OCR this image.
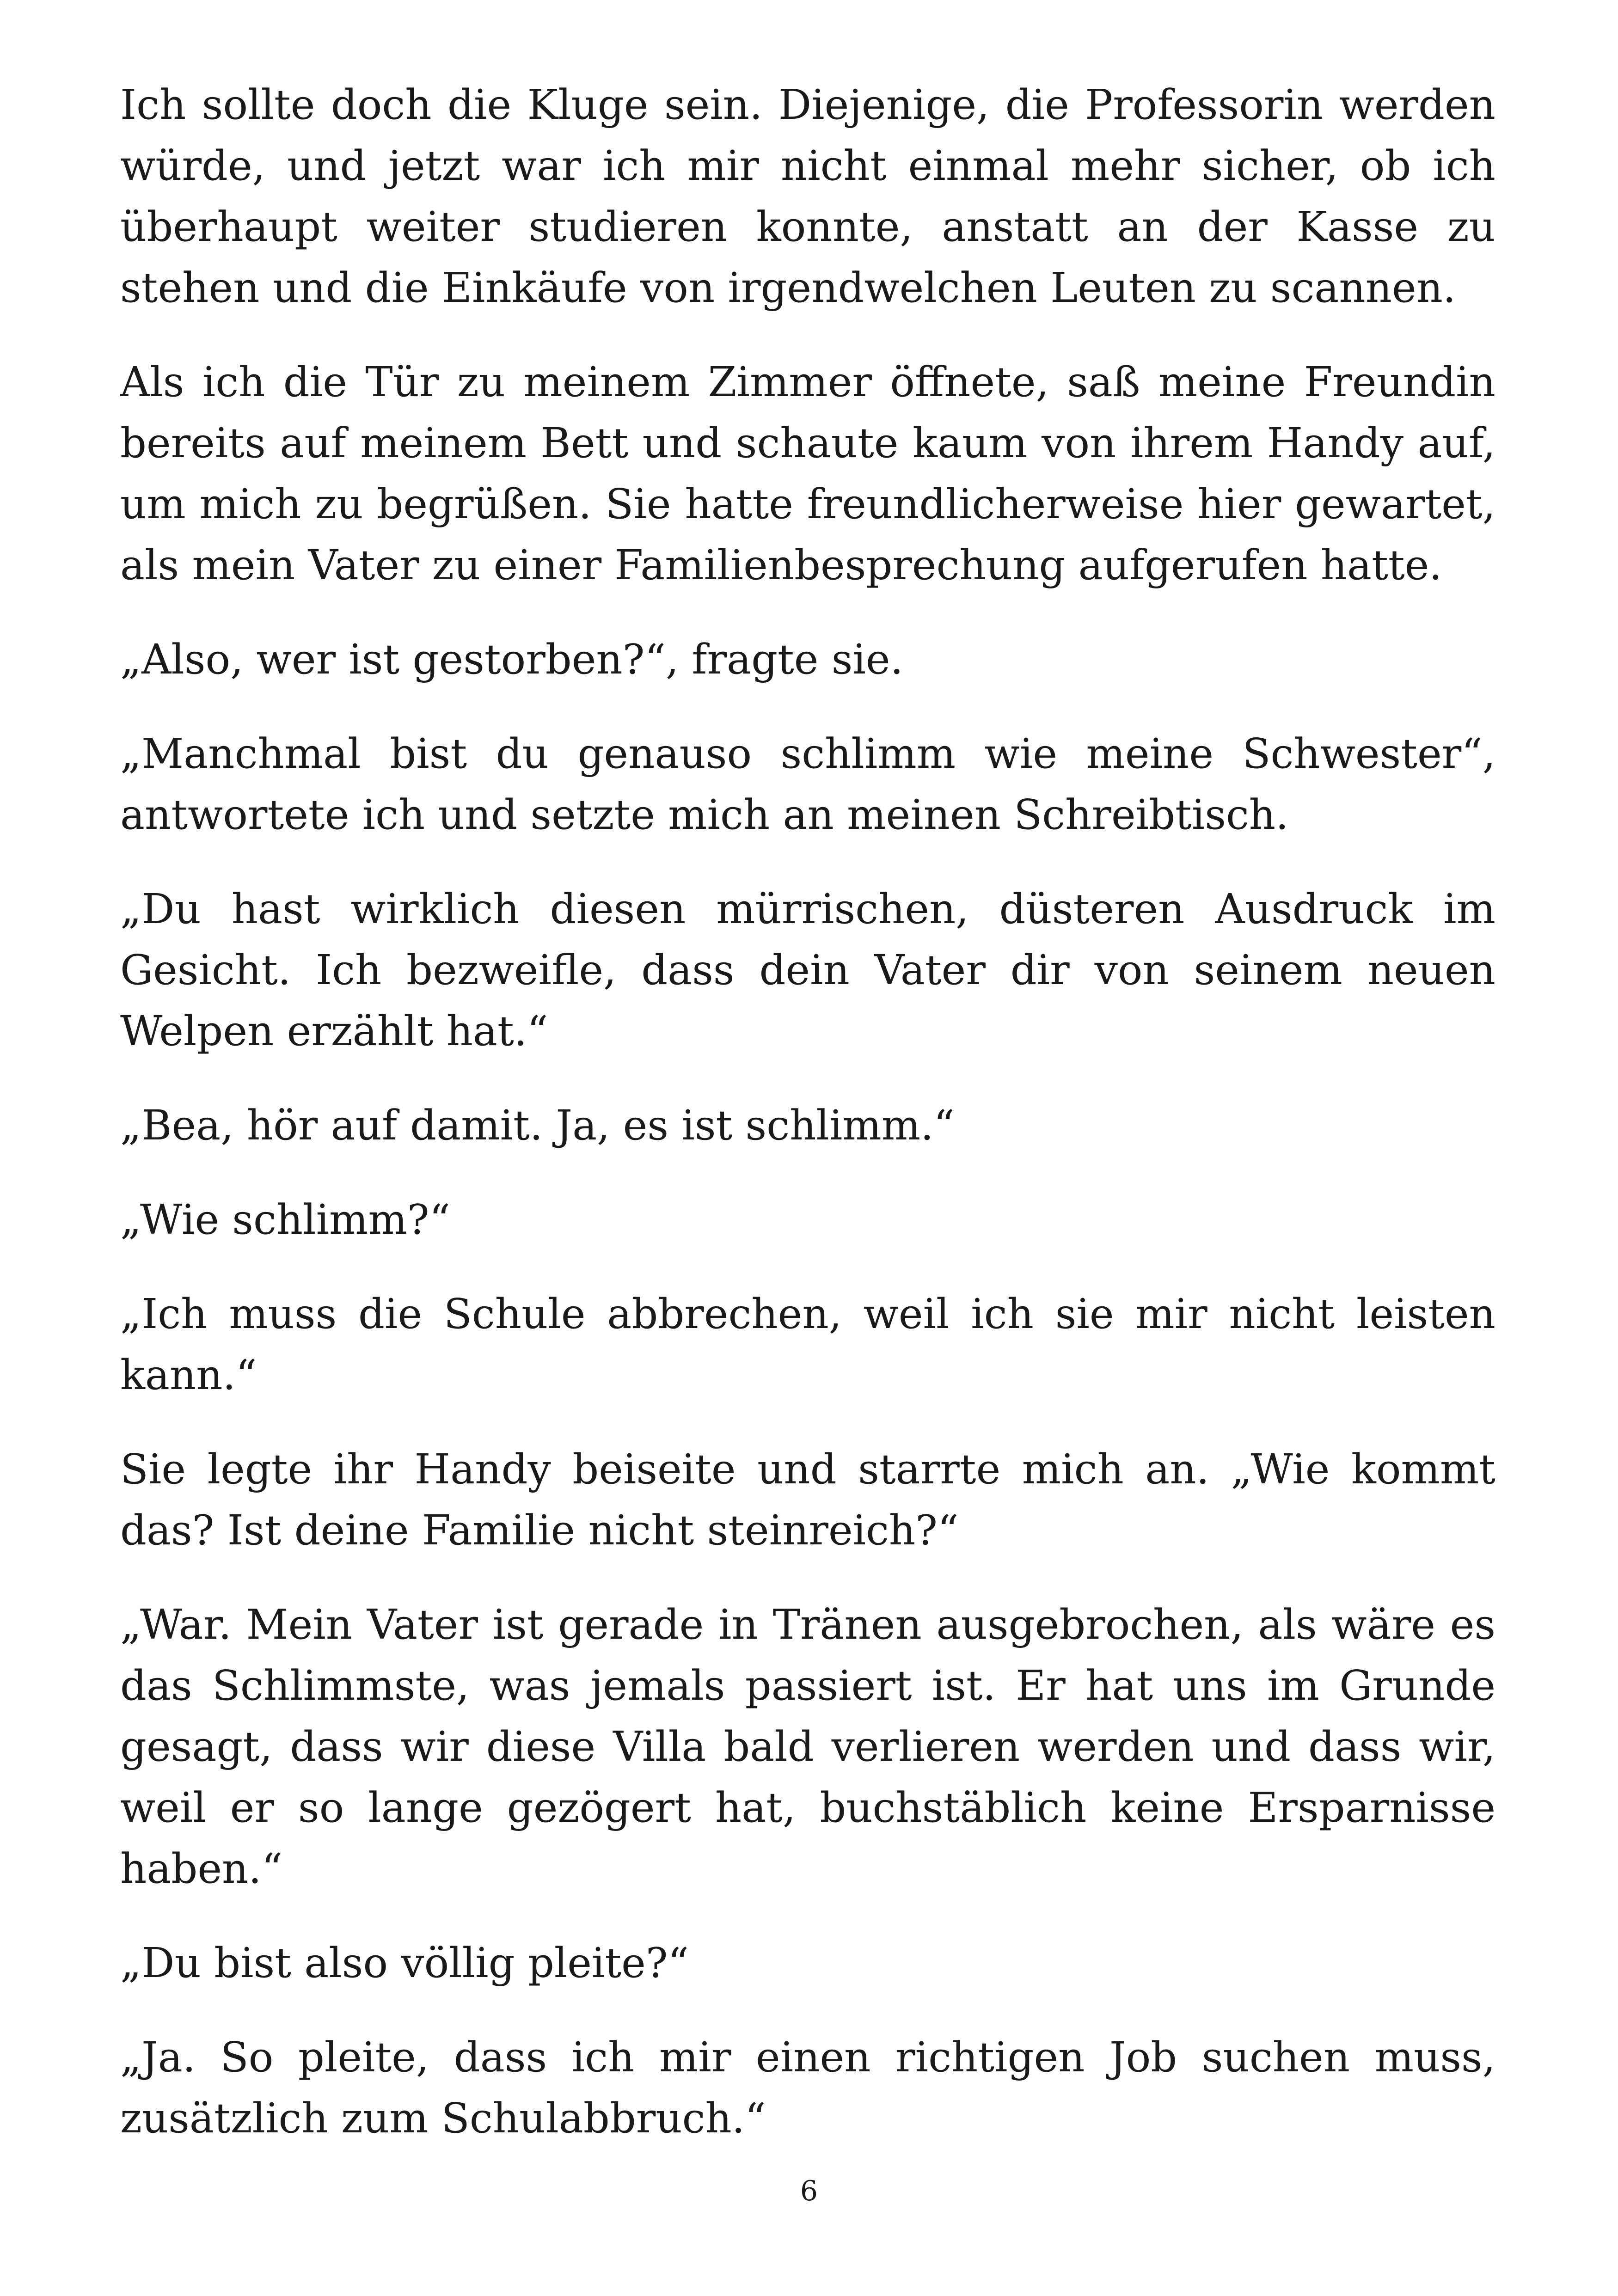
Ich sollte doch die Kluge sein. Diejenige, die Professorin werden würde, und jetzt war ich mir nicht einmal mehr sicher, ob ich überhaupt weiter studieren konnte, anstatt an der Kasse zu stehen und die Einkäufe von irgendwelchen Leuten zu scannen.

Als ich die Tür zu meinem Zimmer öffnete, saß meine Freundin bereits auf meinem Bett und schaute kaum von ihrem Handy auf, um mich zu begrüßen. Sie hatte freundlicherweise hier gewartet, als mein Vater zu einer Familienbesprechung aufgerufen hatte.

„Also, wer ist gestorben?“, fragte sie.

„Manchmal bist du genauso schlimm wie meine Schwester“, antwortete ich und setzte mich an meinen Schreibtisch.

„Du hast wirklich diesen mürrischen, düsteren Ausdruck im Gesicht. Ich bezweifle, dass dein Vater dir von seinem neuen Welpen erzählt hat.“

„Bea, hör auf damit. Ja, es ist schlimm.“

„Wie schlimm?“

„Ich muss die Schule abbrechen, weil ich sie mir nicht leisten kann.“

Sie legte ihr Handy beiseite und starrte mich an. „Wie kommt das? Ist deine Familie nicht steinreich?“

„War. Mein Vater ist gerade in Tränen ausgebrochen, als wäre es das Schlimmste, was jemals passiert ist. Er hat uns im Grunde gesagt, dass wir diese Villa bald verlieren werden und dass wir, weil er so lange gezögert hat, buchstäblich keine Ersparnisse haben.“

„Du bist also völlig pleite?“

„Ja. So pleite, dass ich mir einen richtigen Job suchen muss, zusätzlich zum Schulabbruch.“

6
